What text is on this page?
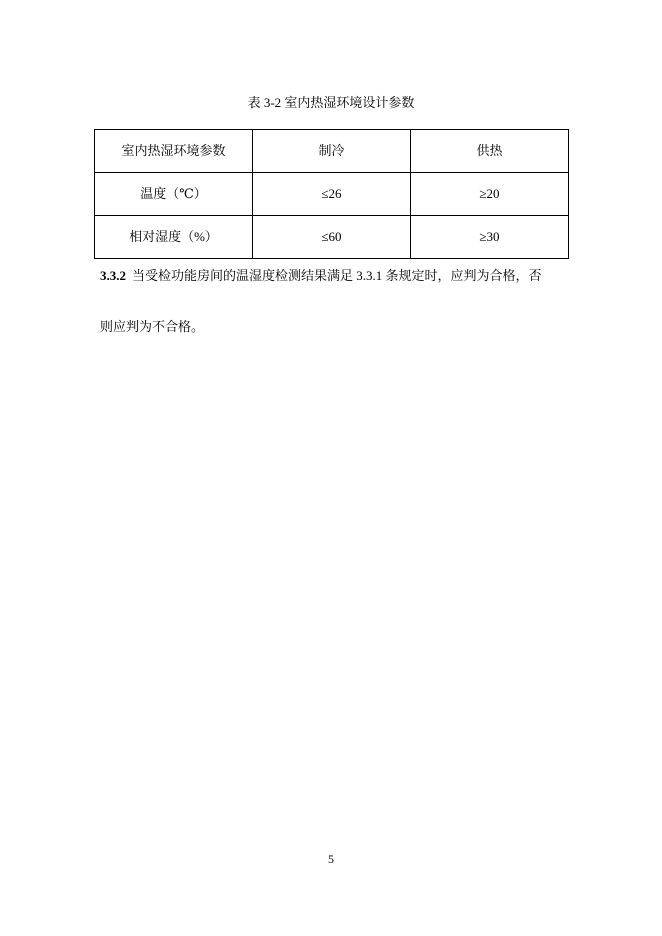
表 3-2 室内热湿环境设计参数
室内热湿环境参数	制冷	供热
温度（℃）	≤26	≥20
相对湿度（%）	≤60	≥30
3.3.2 当受检功能房间的温湿度检测结果满足 3.3.1 条规定时，应判为合格，否
则应判为不合格。
5
